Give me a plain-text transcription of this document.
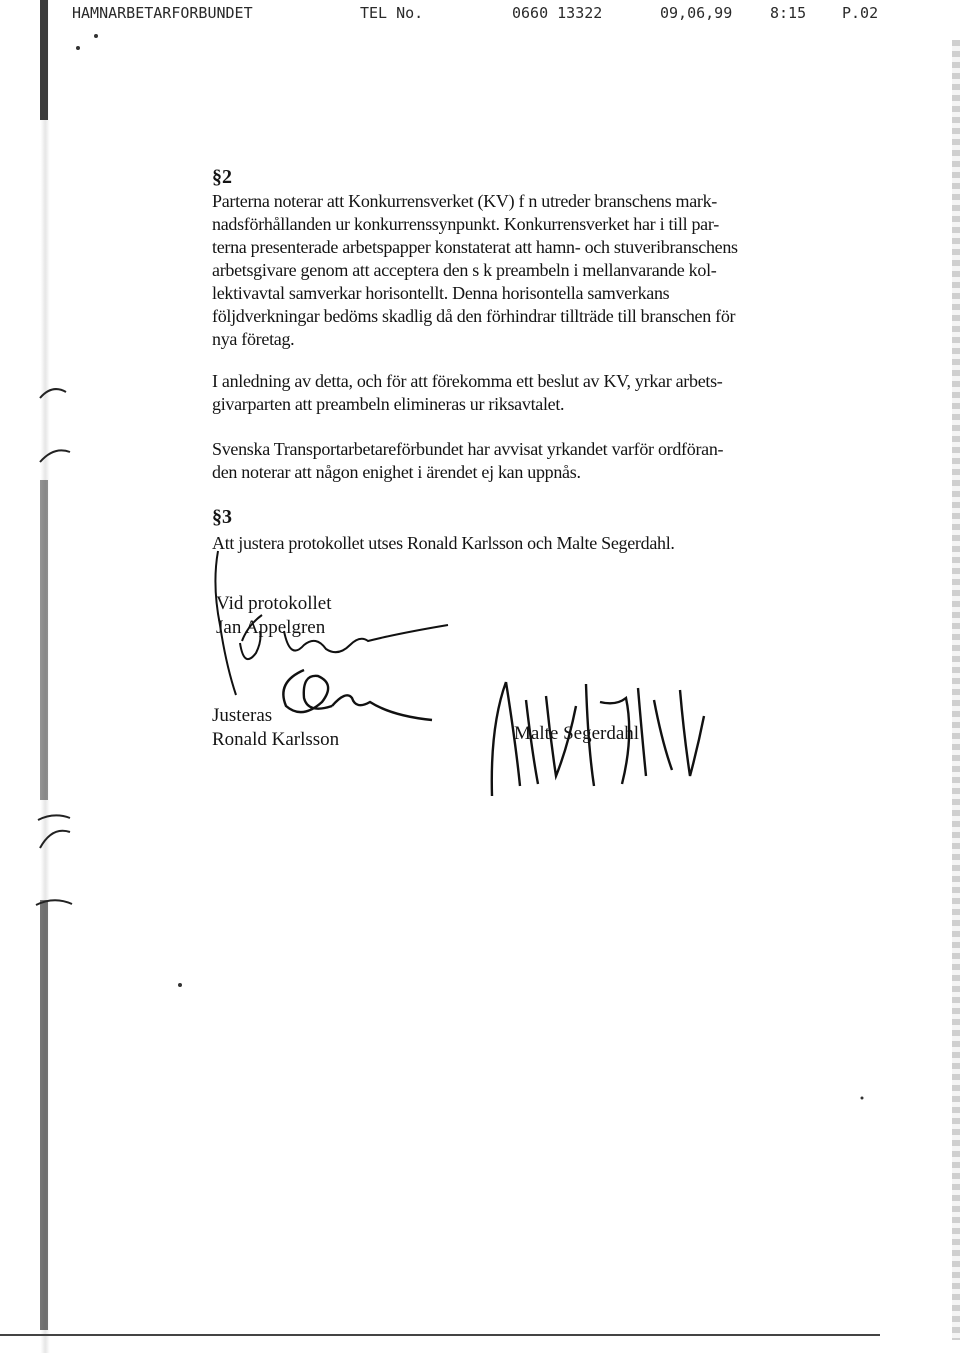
HAMNARBETARFORBUNDET	TEL No.	0660 13322	09,06,99	8:15 P.02
§2
Parterna noterar att Konkurrensverket (KV) f n utreder branschens mark-
nadsförhållanden ur konkurrenssynpunkt. Konkurrensverket har i till par-
terna presenterade arbetspapper konstaterat att hamn- och stuveribranschens
arbetsgivare genom att acceptera den s k preambeln i mellanvarande kol-
lektivavtal samverkar horisontellt. Denna horisontella samverkans
följdverkningar bedöms skadlig då den förhindrar tillträde till branschen för
nya företag.
I anledning av detta, och för att förekomma ett beslut av KV, yrkar arbets-
givarparten att preambeln elimineras ur riksavtalet.
Svenska Transportarbetareförbundet har avvisat yrkandet varför ordföran-
den noterar att någon enighet i ärendet ej kan uppnås.
§3
Att justera protokollet utses Ronald Karlsson och Malte Segerdahl.
Vid protokollet
Jan Appelgren
Justeras
Ronald Karlsson	Malte Segerdahl
